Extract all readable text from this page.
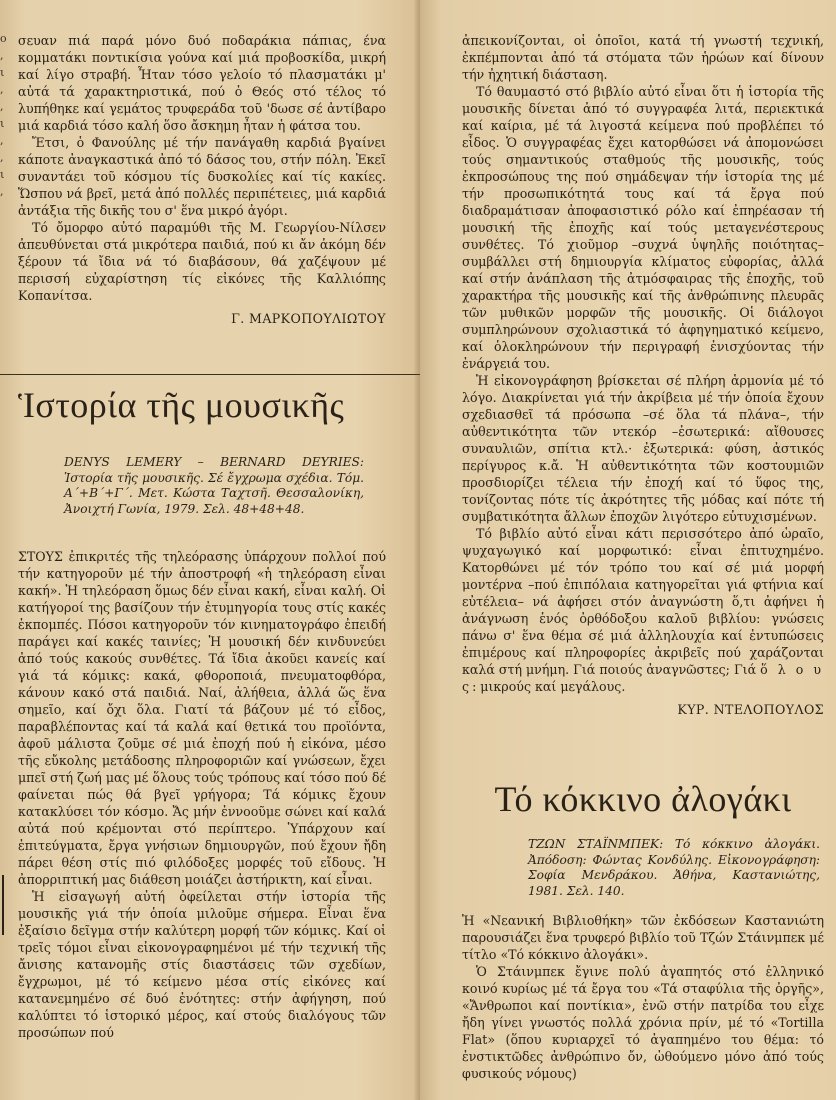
ο
,
ι
,
,
ι
,
,
ι
,

σευαν πιά παρά μόνο δυό ποδαράκια πάπιας, ένα κομματάκι ποντικίσια γούνα καί μιά προβοσκίδα, μικρή καί λίγο στραβή. Ἦταν τόσο γελοίο τό πλασματάκι μ' αὐτά τά χαρακτηριστικά, πού ὁ Θεός στό τέλος τό λυπήθηκε καί γεμάτος τρυφεράδα τοῦ 'δωσε σέ ἀντίβαρο μιά καρδιά τόσο καλή ὅσο ἄσκημη ἦταν ἡ φάτσα του.

Ἔτσι, ὁ Φανούλης μέ τήν πανάγαθη καρδιά βγαίνει κάποτε ἀναγκαστικά ἀπό τό δάσος του, στήν πόλη. Ἐκεῖ συναντάει τοῦ κόσμου τίς δυσκολίες καί τίς κακίες. Ὥσπου νά βρεῖ, μετά ἀπό πολλές περιπέτειες, μιά καρδιά ἀντάξια τῆς δικῆς του σ' ἕνα μικρό ἀγόρι.

Τό ὄμορφο αὐτό παραμύθι τῆς Μ. Γεωργίου-Νίλσεν ἀπευθύνεται στά μικρότερα παιδιά, πού κι ἄν ἀκόμη δέν ξέρουν τά ἴδια νά τό διαβάσουν, θά χαζέψουν μέ περισσή εὐχαρίστηση τίς εἰκόνες τῆς Καλλιόπης Κοπανίτσα.

Γ. ΜΑΡΚΟΠΟΥΛΙΩΤΟΥ

Ἱστορία τῆς μουσικῆς
DENYS LEMERY – BERNARD DEYRIES: Ἱστορία τῆς μουσικῆς. Σέ ἔγχρωμα σχέδια. Τόμ. Α΄+Β΄+Γ΄. Μετ. Κώστα Ταχτσῆ. Θεσσαλονίκη, Ἀνοιχτή Γωνία, 1979. Σελ. 48+48+48.

ΣΤΟΥΣ ἐπικριτές τῆς τηλεόρασης ὑπάρχουν πολλοί πού τήν κατηγοροῦν μέ τήν ἀποστροφή «ἡ τηλεόραση εἶναι κακή». Ἡ τηλεόραση ὅμως δέν εἶναι κακή, εἶναι καλή. Οἱ κατήγοροί της βασίζουν τήν ἐτυμηγορία τους στίς κακές ἐκπομπές. Πόσοι κατηγοροῦν τόν κινηματογράφο ἐπειδή παράγει καί κακές ταινίες; Ἡ μουσική δέν κινδυνεύει ἀπό τούς κακούς συνθέτες. Τά ἴδια ἀκοῦει κανείς καί γιά τά κόμικς: κακά, φθοροποιά, πνευματοφθόρα, κάνουν κακό στά παιδιά. Ναί, ἀλήθεια, ἀλλά ὥς ἕνα σημεῖο, καί ὄχι ὅλα. Γιατί τά βάζουν μέ τό εἶδος, παραβλέποντας καί τά καλά καί θετικά του προϊόντα, ἀφοῦ μάλιστα ζοῦμε σέ μιά ἐποχή πού ἡ εἰκόνα, μέσο τῆς εὔκολης μετάδοσης πληροφοριῶν καί γνώσεων, ἔχει μπεῖ στή ζωή μας μέ ὅλους τούς τρόπους καί τόσο πού δέ φαίνεται πώς θά βγεῖ γρήγορα; Τά κόμικς ἔχουν κατακλύσει τόν κόσμο. Ἄς μήν ἐννοοῦμε σώνει καί καλά αὐτά πού κρέμονται στό περίπτερο. Ὑπάρχουν καί ἐπιτεύγματα, ἔργα γνήσιων δημιουργῶν, πού ἔχουν ἤδη πάρει θέση στίς πιό φιλόδοξες μορφές τοῦ εἴδους. Ἡ ἀπορριπτική μας διάθεση μοιάζει ἀστήρικτη, καί εἶναι.

Ἡ εἰσαγωγή αὐτή ὀφείλεται στήν ἱστορία τῆς μουσικῆς γιά τήν ὁποία μιλοῦμε σήμερα. Εἶναι ἕνα ἐξαίσιο δεῖγμα στήν καλύτερη μορφή τῶν κόμικς. Καί οἱ τρεῖς τόμοι εἶναι εἰκονογραφημένοι μέ τήν τεχνική τῆς ἄνισης κατανομῆς στίς διαστάσεις τῶν σχεδίων, ἔγχρωμοι, μέ τό κείμενο μέσα στίς εἰκόνες καί κατανεμημένο σέ δυό ἐνότητες: στήν ἀφήγηση, πού καλύπτει τό ἱστορικό μέρος, καί στούς διαλόγους τῶν προσώπων πού

ἀπεικονίζονται, οἱ ὁποῖοι, κατά τή γνωστή τεχνική, ἐκπέμπονται ἀπό τά στόματα τῶν ἡρώων καί δίνουν τήν ἠχητική διάσταση.

Τό θαυμαστό στό βιβλίο αὐτό εἶναι ὅτι ἡ ἱστορία τῆς μουσικῆς δίνεται ἀπό τό συγγραφέα λιτά, περιεκτικά καί καίρια, μέ τά λιγοστά κείμενα πού προβλέπει τό εἶδος. Ὁ συγγραφέας ἔχει κατορθώσει νά ἀπομονώσει τούς σημαντικούς σταθμούς τῆς μουσικῆς, τούς ἐκπροσώπους της πού σημάδεψαν τήν ἱστορία της μέ τήν προσωπικότητά τους καί τά ἔργα πού διαδραμάτισαν ἀποφασιστικό ρόλο καί ἐπηρέασαν τή μουσική τῆς ἐποχῆς καί τούς μεταγενέστερους συνθέτες. Τό χιοῦμορ –συχνά ὑψηλῆς ποιότητας– συμβάλλει στή δημιουργία κλίματος εὐφορίας, ἀλλά καί στήν ἀνάπλαση τῆς ἀτμόσφαιρας τῆς ἐποχῆς, τοῦ χαρακτήρα τῆς μουσικῆς καί τῆς ἀνθρώπινης πλευρᾶς τῶν μυθικῶν μορφῶν τῆς μουσικῆς. Οἱ διάλογοι συμπληρώνουν σχολιαστικά τό ἀφηγηματικό κείμενο, καί ὁλοκληρώνουν τήν περιγραφή ἐνισχύοντας τήν ἐνάργειά του.

Ἡ εἰκονογράφηση βρίσκεται σέ πλήρη ἁρμονία μέ τό λόγο. Διακρίνεται γιά τήν ἀκρίβεια μέ τήν ὁποία ἔχουν σχεδιασθεῖ τά πρόσωπα –σέ ὅλα τά πλάνα–, τήν αὐθεντικότητα τῶν ντεκόρ –ἐσωτερικά: αἴθουσες συναυλιῶν, σπίτια κτλ.· ἐξωτερικά: φύση, ἀστικός περίγυρος κ.ἄ. Ἡ αὐθεντικότητα τῶν κοστουμιῶν προσδιορίζει τέλεια τήν ἐποχή καί τό ὕφος της, τονίζοντας πότε τίς ἀκρότητες τῆς μόδας καί πότε τή συμβατικότητα ἄλλων ἐποχῶν λιγότερο εὐτυχισμένων.

Τό βιβλίο αὐτό εἶναι κάτι περισσότερο ἀπό ὡραῖο, ψυχαγωγικό καί μορφωτικό: εἶναι ἐπιτυχημένο. Κατορθώνει μέ τόν τρόπο του καί σέ μιά μορφή μοντέρνα –πού ἐπιπόλαια κατηγορεῖται γιά φτήνια καί εὐτέλεια– νά ἀφήσει στόν ἀναγνώστη ὅ,τι ἀφήνει ἡ ἀνάγνωση ἑνός ὀρθόδοξου καλοῦ βιβλίου: γνώσεις πάνω σ' ἕνα θέμα σέ μιά ἀλληλουχία καί ἐντυπώσεις ἐπιμέρους καί πληροφορίες ἀκριβεῖς πού χαράζονται καλά στή μνήμη. Γιά ποιούς ἀναγνῶστες; Γιά ὅ λ ο υ ς: μικρούς καί μεγάλους.

ΚΥΡ. ΝΤΕΛΟΠΟΥΛΟΣ

Τό κόκκινο ἀλογάκι
ΤΖΩΝ ΣΤΑΪΝΜΠΕΚ: Τό κόκκινο ἀλογάκι. Ἀπόδοση: Φώντας Κονδύλης. Εἰκονογράφηση: Σοφία Μενδράκου. Ἀθήνα, Καστανιώτης, 1981. Σελ. 140.

Ἡ «Νεανική Βιβλιοθήκη» τῶν ἐκδόσεων Καστανιώτη παρουσιάζει ἕνα τρυφερό βιβλίο τοῦ Τζών Στάινμπεκ μέ τίτλο «Τό κόκκινο ἀλογάκι».

Ὁ Στάινμπεκ ἔγινε πολύ ἀγαπητός στό ἑλληνικό κοινό κυρίως μέ τά ἔργα του «Τά σταφύλια τῆς ὀργῆς», «Ἄνθρωποι καί ποντίκια», ἐνῶ στήν πατρίδα του εἶχε ἤδη γίνει γνωστός πολλά χρόνια πρίν, μέ τό «Tortilla Flat» (ὅπου κυριαρχεῖ τό ἀγαπημένο του θέμα: τό ἐνστικτῶδες ἀνθρώπινο ὄν, ὠθούμενο μόνο ἀπό τούς φυσικούς νόμους)
